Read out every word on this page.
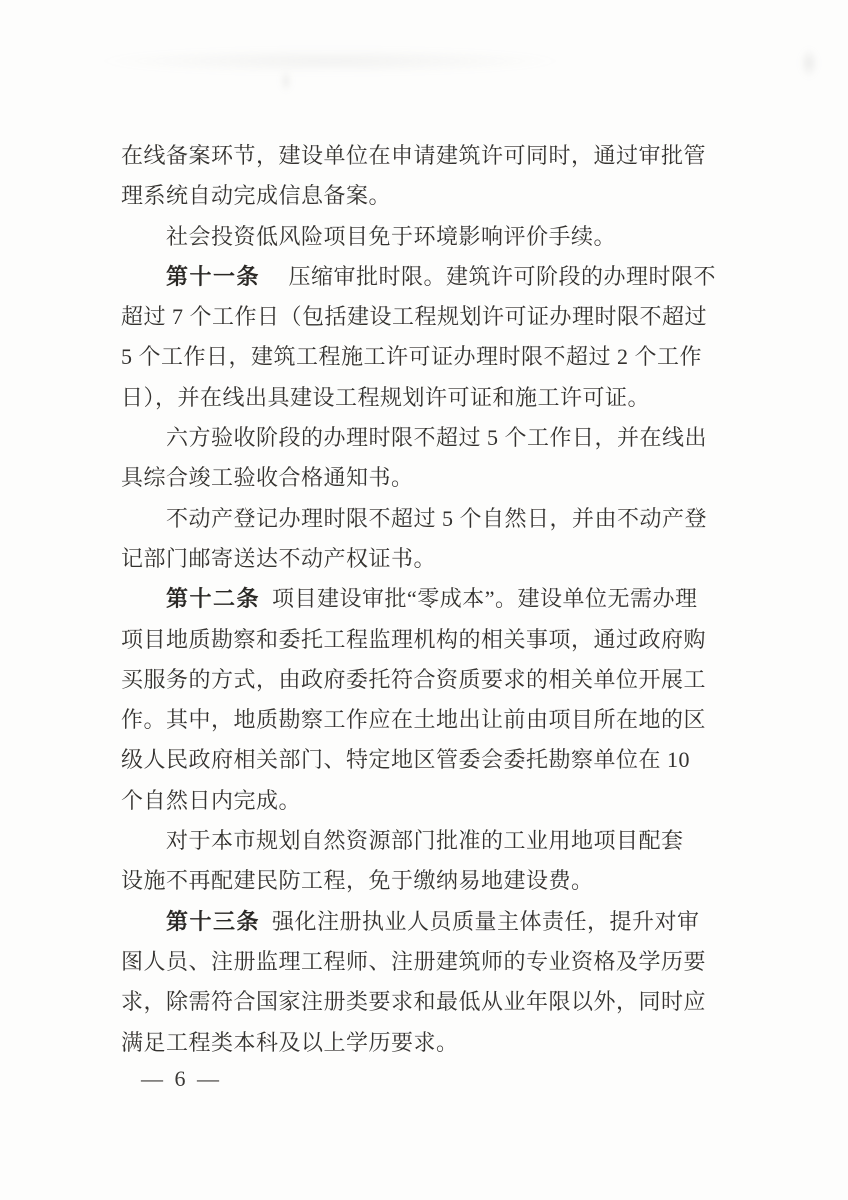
在线备案环节，建设单位在申请建筑许可同时，通过审批管
理系统自动完成信息备案。
社会投资低风险项目免于环境影响评价手续。
第十一条　压缩审批时限。建筑许可阶段的办理时限不
超过 7 个工作日（包括建设工程规划许可证办理时限不超过
5 个工作日，建筑工程施工许可证办理时限不超过 2 个工作
日），并在线出具建设工程规划许可证和施工许可证。
六方验收阶段的办理时限不超过 5 个工作日，并在线出
具综合竣工验收合格通知书。
不动产登记办理时限不超过 5 个自然日，并由不动产登
记部门邮寄送达不动产权证书。
第十二条 项目建设审批“零成本”。建设单位无需办理
项目地质勘察和委托工程监理机构的相关事项，通过政府购
买服务的方式，由政府委托符合资质要求的相关单位开展工
作。其中，地质勘察工作应在土地出让前由项目所在地的区
级人民政府相关部门、特定地区管委会委托勘察单位在 10
个自然日内完成。
对于本市规划自然资源部门批准的工业用地项目配套
设施不再配建民防工程，免于缴纳易地建设费。
第十三条 强化注册执业人员质量主体责任，提升对审
图人员、注册监理工程师、注册建筑师的专业资格及学历要
求，除需符合国家注册类要求和最低从业年限以外，同时应
满足工程类本科及以上学历要求。
— 6 —
